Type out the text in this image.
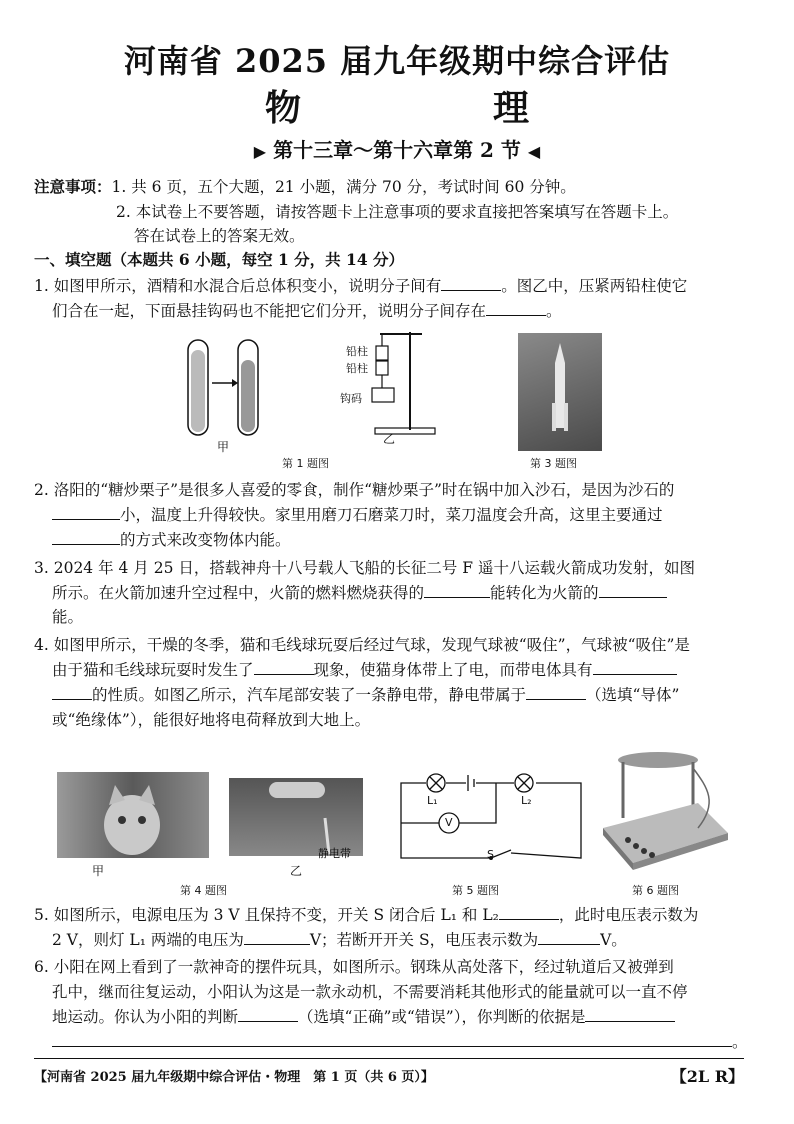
河南省 2025 届九年级期中综合评估
物　　理
▶ 第十三章～第十六章第 2 节 ◀
注意事项：1. 共 6 页，五个大题，21 小题，满分 70 分，考试时间 60 分钟。
2. 本试卷上不要答题，请按答题卡上注意事项的要求直接把答案填写在答题卡上。
答在试卷上的答案无效。
一、填空题（本题共 6 小题，每空 1 分，共 14 分）
1. 如图甲所示，酒精和水混合后总体积变小，说明分子间有	。图乙中，压紧两铅柱使它
们合在一起，下面悬挂钩码也不能把它们分开，说明分子间存在	。
甲
铅柱
铅柱
钩码
乙
第 1 题图	第 3 题图
2. 洛阳的“糖炒栗子”是很多人喜爱的零食，制作“糖炒栗子”时在锅中加入沙石，是因为沙石的
小，温度上升得较快。家里用磨刀石磨菜刀时，菜刀温度会升高，这里主要通过
的方式来改变物体内能。
3. 2024 年 4 月 25 日，搭载神舟十八号载人飞船的长征二号 F 遥十八运载火箭成功发射，如图
所示。在火箭加速升空过程中，火箭的燃料燃烧获得的	能转化为火箭的
能。
4. 如图甲所示，干燥的冬季，猫和毛线球玩耍后经过气球，发现气球被“吸住”，气球被“吸住”是
由于猫和毛线球玩耍时发生了	现象，使猫身体带上了电，而带电体具有
的性质。如图乙所示，汽车尾部安装了一条静电带，静电带属于	（选填“导体”
或“绝缘体”），能很好地将电荷释放到大地上。
甲	乙
静电带
第 4 题图
L₁	L₂
V
S
第 5 题图	第 6 题图
5. 如图所示，电源电压为 3 V 且保持不变，开关 S 闭合后 L₁ 和 L₂	，此时电压表示数为
2 V，则灯 L₁ 两端的电压为	V；若断开开关 S，电压表示数为	V。
6. 小阳在网上看到了一款神奇的摆件玩具，如图所示。钢珠从高处落下，经过轨道后又被弹到
孔中，继而往复运动，小阳认为这是一款永动机，不需要消耗其他形式的能量就可以一直不停
地运动。你认为小阳的判断	（选填“正确”或“错误”），你判断的依据是
。
【河南省 2025 届九年级期中综合评估・物理　第 1 页（共 6 页）】	【2L R】
